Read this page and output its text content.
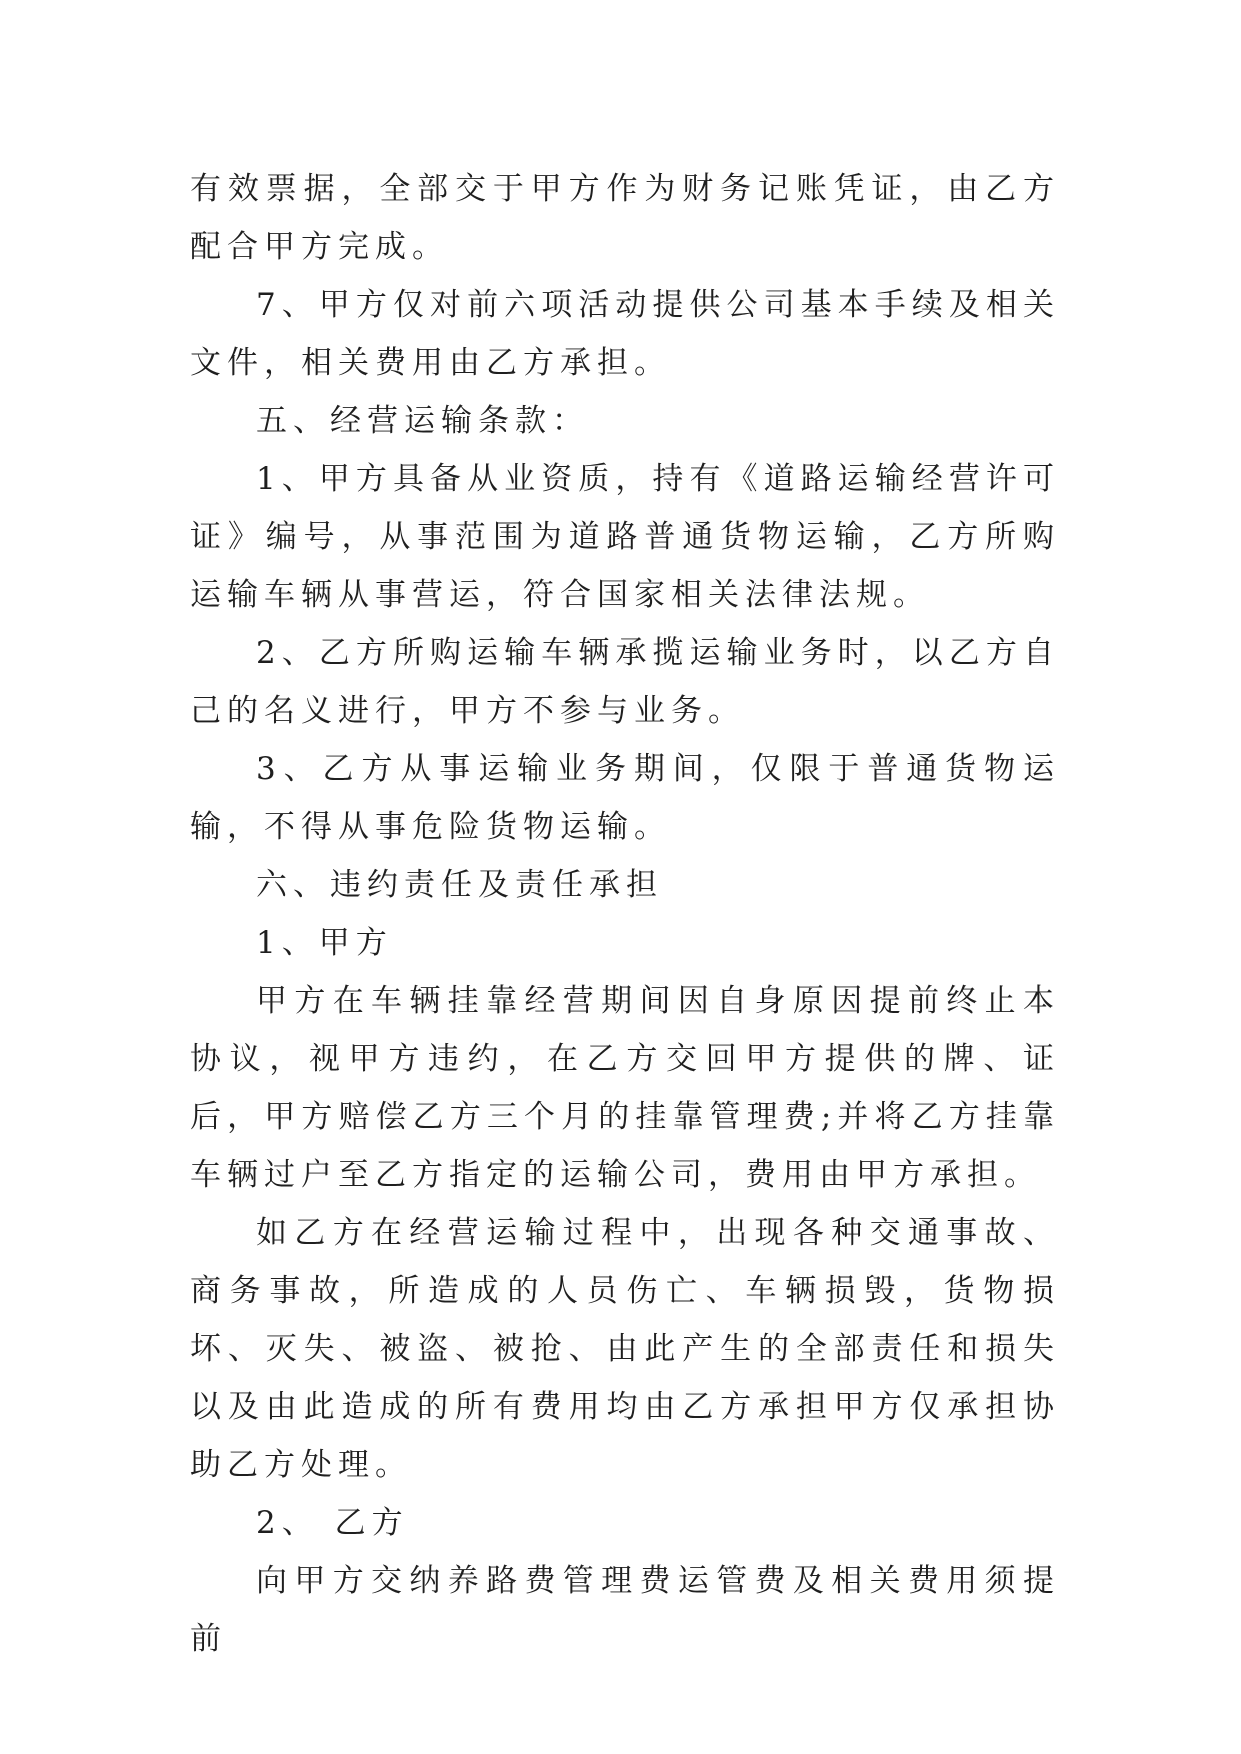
有效票据，全部交于甲方作为财务记账凭证，由乙方配合甲方完成。

7、甲方仅对前六项活动提供公司基本手续及相关文件，相关费用由乙方承担。

五、经营运输条款：

1、甲方具备从业资质，持有《道路运输经营许可证》编号，从事范围为道路普通货物运输，乙方所购运输车辆从事营运，符合国家相关法律法规。

2、乙方所购运输车辆承揽运输业务时，以乙方自己的名义进行，甲方不参与业务。

3、乙方从事运输业务期间，仅限于普通货物运输，不得从事危险货物运输。

六、违约责任及责任承担

1、甲方

甲方在车辆挂靠经营期间因自身原因提前终止本协议，视甲方违约，在乙方交回甲方提供的牌、证后，甲方赔偿乙方三个月的挂靠管理费;并将乙方挂靠车辆过户至乙方指定的运输公司，费用由甲方承担。

如乙方在经营运输过程中，出现各种交通事故、商务事故，所造成的人员伤亡、车辆损毁，货物损坏、灭失、被盗、被抢、由此产生的全部责任和损失以及由此造成的所有费用均由乙方承担甲方仅承担协助乙方处理。

2、 乙方

向甲方交纳养路费管理费运管费及相关费用须提前
